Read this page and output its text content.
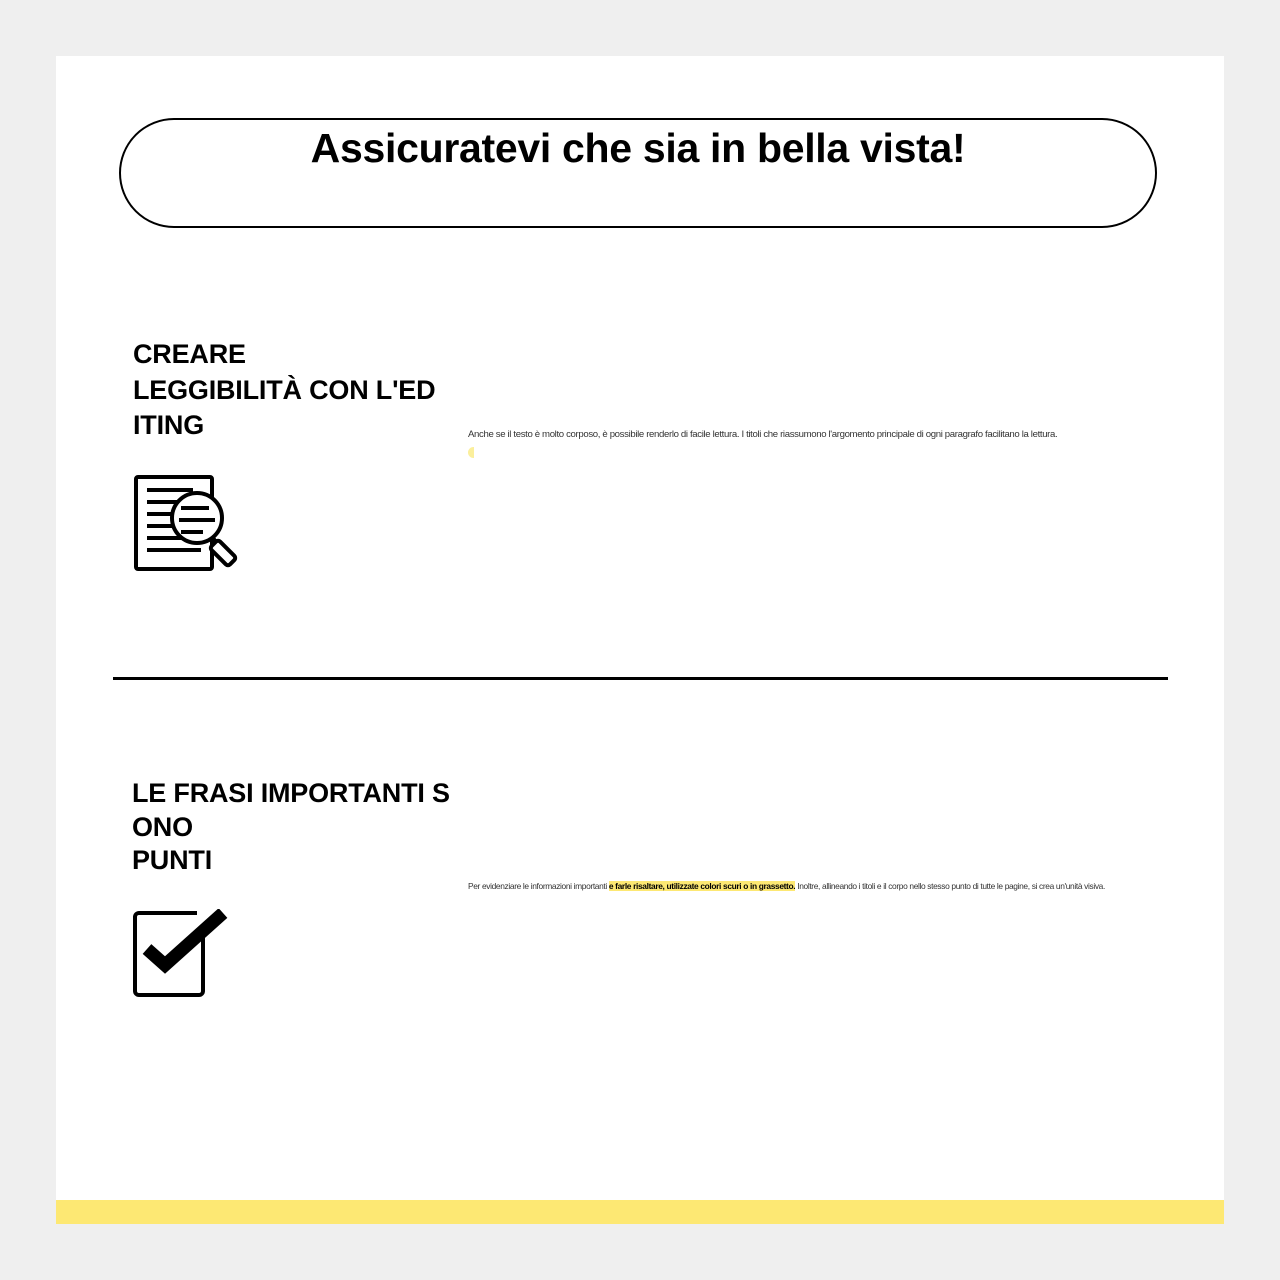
Assicuratevi che sia in bella vista!
CREARE
LEGGIBILITÀ CON L'ED
ITING	Anche se il testo è molto corposo, è possibile renderlo di facile lettura. I titoli che riassumono l'argomento principale di ogni paragrafo facilitano la lettura.

LE FRASI IMPORTANTI S
ONO
PUNTI
Per evidenziare le informazioni importanti e farle risaltare, utilizzate colori scuri o in grassetto. Inoltre, allineando i titoli e il corpo nello stesso punto di tutte le pagine, si crea un'unità visiva.
